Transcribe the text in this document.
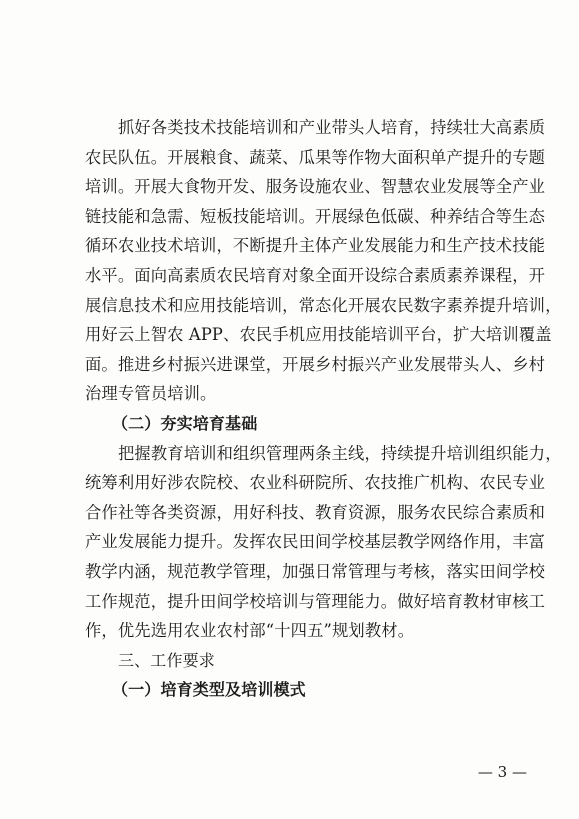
抓好各类技术技能培训和产业带头人培育，持续壮大高素质
农民队伍。开展粮食、蔬菜、瓜果等作物大面积单产提升的专题
培训。开展大食物开发、服务设施农业、智慧农业发展等全产业
链技能和急需、短板技能培训。开展绿色低碳、种养结合等生态
循环农业技术培训，不断提升主体产业发展能力和生产技术技能
水平。面向高素质农民培育对象全面开设综合素质素养课程，开
展信息技术和应用技能培训，常态化开展农民数字素养提升培训，
用好云上智农 APP、农民手机应用技能培训平台，扩大培训覆盖
面。推进乡村振兴进课堂，开展乡村振兴产业发展带头人、乡村
治理专管员培训。
（二）夯实培育基础
把握教育培训和组织管理两条主线，持续提升培训组织能力，
统筹利用好涉农院校、农业科研院所、农技推广机构、农民专业
合作社等各类资源，用好科技、教育资源，服务农民综合素质和
产业发展能力提升。发挥农民田间学校基层教学网络作用，丰富
教学内涵，规范教学管理，加强日常管理与考核，落实田间学校
工作规范，提升田间学校培训与管理能力。做好培育教材审核工
作，优先选用农业农村部“十四五”规划教材。
三、工作要求
（一）培育类型及培训模式
— 3 —
